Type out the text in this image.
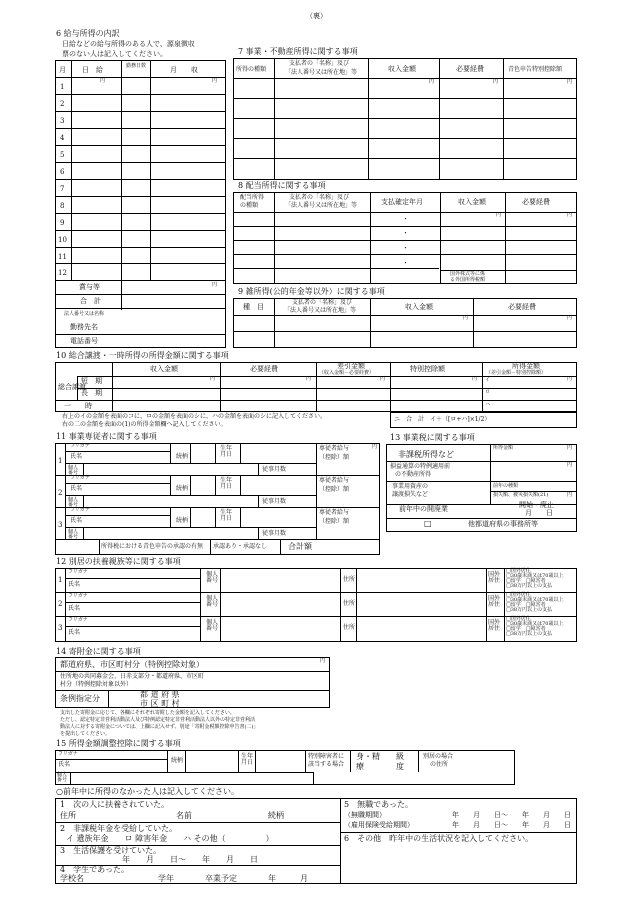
（裏）
6 給与所得の内訳
日給などの給与所得のある人で、源泉徴収
票のない人は記入してください。
月 日　給	勤務日数	月　　収
円	円
1
2
3
4
5
6
7
8
9
10
11
12
賞与等	円
合　計
法人番号又は名称
勤務先名
電話番号
7 事業・不動産所得に関する事項
所得の種類
支払者の「名称」及び
「法人番号又は所在地」等	収入金額	必要経費	青色申告特別控除額
円	円	円
8 配当所得に関する事項
配当所得
の種類
支払者の「名称」及び
「法人番号又は所在地」等	支払確定年月	収入金額	必要経費
円	円
・
・
・
・
国外株式等に係
る外国所得税額
9 雑所得(公的年金等以外）に関する事項
種　目
支払者の「名称」及び
「法人番号又は所在地」等	収入金額	必要経費
円	円
10 総合譲渡・一時所得の所得金額に関する事項
収入金額	必要経費	差引金額
（収入金額－必要経費）	特別控除額	所得金額
（差引金額－特別控除額）
総合譲渡
短　期	円	円	円	円 イ	円
長　期	ロ
一　　時	ハ
右上のイの金額を表面のコに、ロの金額を表面のシに、ハの金額を表面のシに記入してください。
右の二の金額を表面の(1)の所得金額欄へ記入してください。
ニ　合　計　イ＋（[ロ+ハ]×1/2）
11 事業専従者に関する事項
1
フリガナ
氏名	続柄
生年月日
専従者給与
（控除）額
円
個人番号	従事月数
2
フリガナ
氏名	続柄
生年月日
専従者給与
（控除）額
個人番号	従事月数
3
フリガナ
氏名	続柄
生年月日
専従者給与
（控除）額
個人番号	従事月数
所得税における青色申告の承認の有無 承認あり・承認なし	合計額
13 事業税に関する事項
非課税所得など
所得金額	円
損益通算の特例適用前
の不動産所得
円
事業用資産の
譲渡損失など
前年の種類
損失額、被災損失額(21)	円
前年中の開廃業	開始・廃止
月　　日
□	他都道府県の事務所等
12 別居の扶養親族等に関する事項
1
フリガナ
氏名
個人番号	住所
国外居住
□国外居住
□30歳未満又は70歳以上
□留学　□障害者
□38万円以上の支払
2
フリガナ
氏名
個人番号	住所
国外居住
□国外居住
□30歳未満又は70歳以上
□留学　□障害者
□38万円以上の支払
3
フリガナ
氏名
個人番号	住所
国外居住
□国外居住
□30歳未満又は70歳以上
□留学　□障害者
□38万円以上の支払
14 寄附金に関する事項
都道府県、市区町村分（特例控除対象）	円
住所地の共同募金会、日赤支部分・都道府県、市区町
村分（特例控除対象以外）
条例指定分	都 道 府 県
市 区 町 村
支出した寄附金に応じて、各欄にそれぞれ寄附した金額を記入してください。
ただし、認定特定非営利活動法人及び特例認定特定非営利活動法人以外の特定非営利活
動法人に対する寄附金については、上欄に記入せず、別途「寄附金税額控除申告書(二)」
を提出してください。
15 所得金額調整控除に関する事項
フリガナ
氏名
続柄
生年月日
特別障害者に
該当する場合
身・精　　級
療　　　　度
別居の場合
の住所
個人番号
○前年中に所得のなかった人は記入してください。
1　次の人に扶養されていた。
住所	名前	続柄
2　非課税年金を受給していた。
イ 遺族年金　　ロ 障害年金　　ハ その他（　　　　　）
3　生活保護を受けていた。
年　　月　　日～　　年　　月　　日
4　学生であった。
学校名	学年	卒業予定	年　　　月
5　無職であった。
（無職期間）	年　　月　　日〜　　年　　月　　日
（雇用保険受給期間）	年　　月　　日〜　　年　　月　　日
6　その他　昨年中の生活状況を記入してください。
